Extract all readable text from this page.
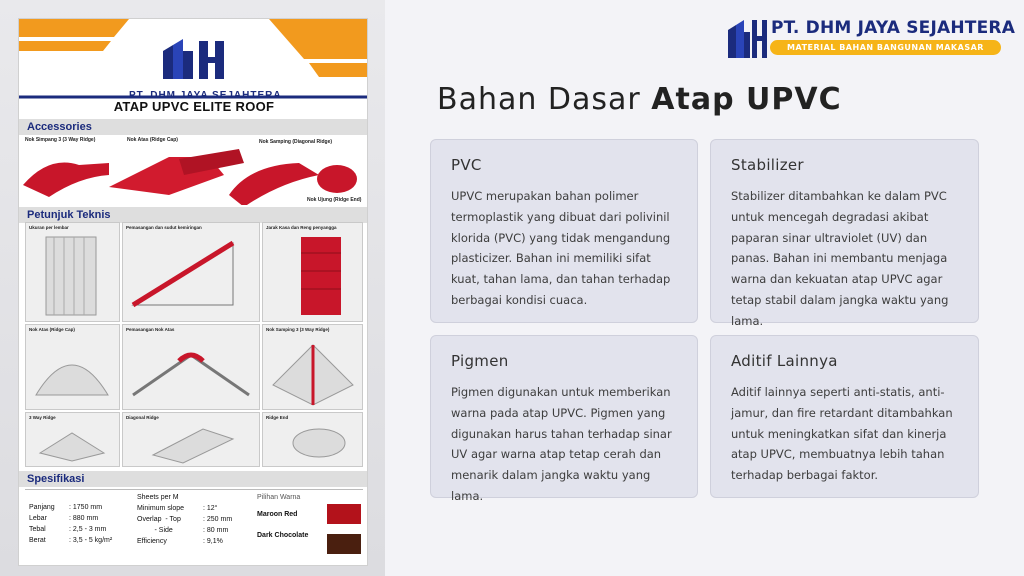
PT. DHM JAYA SEJAHTERA
ATAP UPVC ELITE ROOF
Accessories
Nok Simpang 3 (3 Way Ridge)	Nok Atas (Ridge Cap)	Nok Samping (Diagonal Ridge)
Nok Ujung (Ridge End)
Petunjuk Teknis
Ukuran per lembar	Pemasangan dan sudut kemiringan	Jarak Kasa dan Reng penyangga
Nok Atas (Ridge Cap)	Pemasangan Nok Atas	Nok Samping 3 (3 Way Ridge)
3 Way Ridge	Diagonal Ridge	Ridge End
Spesifikasi
Panjang : 1750 mm
Lebar	: 880 mm
Tebal	: 2,5 - 3 mm
Berat	: 3,5 - 5 kg/m²
Sheets per M
Minimum slope	: 12°
Overlap  - Top	: 250 mm
- Side	: 80 mm
Efficiency	: 9,1%
Pilihan Warna
Maroon Red
Dark Chocolate
PT. DHM JAYA SEJAHTERA
MATERIAL BAHAN BANGUNAN MAKASAR
Bahan Dasar Atap UPVC
PVC

UPVC merupakan bahan polimer termoplastik yang dibuat dari polivinil klorida (PVC) yang tidak mengandung plasticizer. Bahan ini memiliki sifat kuat, tahan lama, dan tahan terhadap berbagai kondisi cuaca.

Stabilizer

Stabilizer ditambahkan ke dalam PVC untuk mencegah degradasi akibat paparan sinar ultraviolet (UV) dan panas. Bahan ini membantu menjaga warna dan kekuatan atap UPVC agar tetap stabil dalam jangka waktu yang lama.

Pigmen

Pigmen digunakan untuk memberikan warna pada atap UPVC. Pigmen yang digunakan harus tahan terhadap sinar UV agar warna atap tetap cerah dan menarik dalam jangka waktu yang lama.

Aditif Lainnya

Aditif lainnya seperti anti-statis, anti-jamur, dan fire retardant ditambahkan untuk meningkatkan sifat dan kinerja atap UPVC, membuatnya lebih tahan terhadap berbagai faktor.
